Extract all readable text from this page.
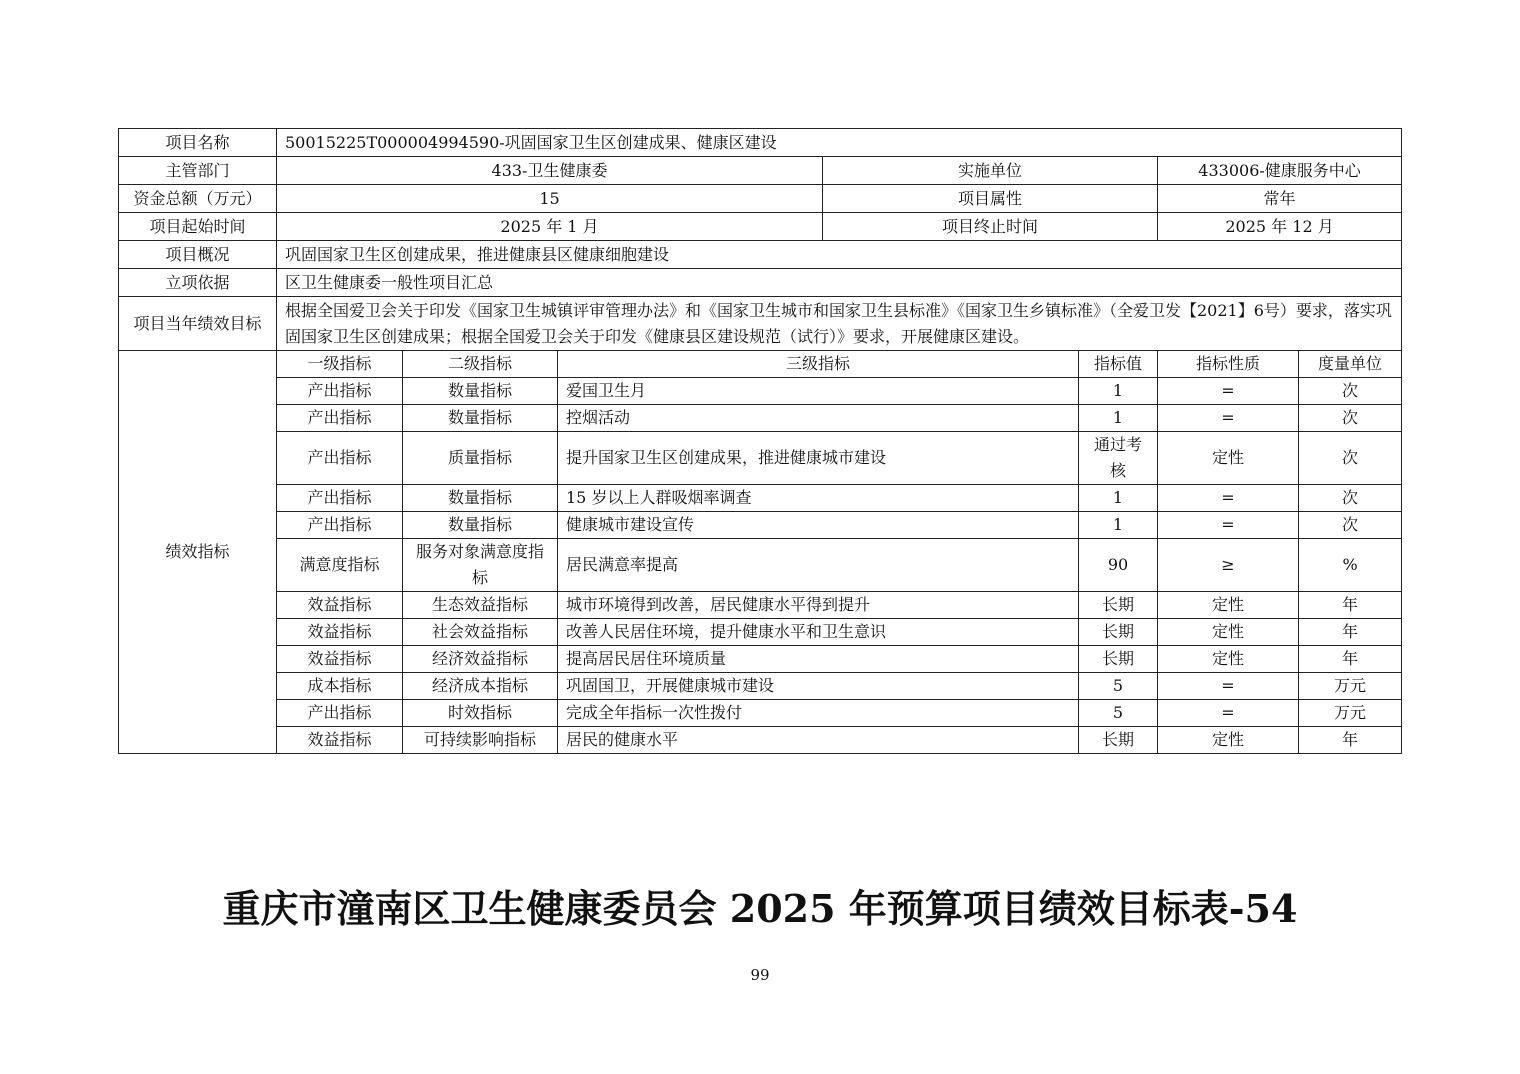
项目名称	50015225T000004994590-巩固国家卫生区创建成果、健康区建设						
主管部门	433-卫生健康委			实施单位		433006-健康服务中心	
资金总额（万元）	15			项目属性		常年	
项目起始时间	2025 年 1 月			项目终止时间		2025 年 12 月	
项目概况	巩固国家卫生区创建成果，推进健康县区健康细胞建设						
立项依据	区卫生健康委一般性项目汇总						
项目当年绩效目标	根据全国爱卫会关于印发《国家卫生城镇评审管理办法》和《国家卫生城市和国家卫生县标准》《国家卫生乡镇标准》（全爱卫发【2021】6号）要求，落实巩固国家卫生区创建成果；根据全国爱卫会关于印发《健康县区建设规范（试行）》要求，开展健康区建设。						
绩效指标	一级指标	二级指标	三级指标		指标值	指标性质	度量单位
	产出指标	数量指标	爱国卫生月		1	=	次
	产出指标	数量指标	控烟活动		1	=	次
	产出指标	质量指标	提升国家卫生区创建成果，推进健康城市建设		通过考核	定性	次
	产出指标	数量指标	15 岁以上人群吸烟率调查		1	=	次
	产出指标	数量指标	健康城市建设宣传		1	=	次
	满意度指标	服务对象满意度指标	居民满意率提高		90	≥	%
	效益指标	生态效益指标	城市环境得到改善，居民健康水平得到提升		长期	定性	年
	效益指标	社会效益指标	改善人民居住环境，提升健康水平和卫生意识		长期	定性	年
	效益指标	经济效益指标	提高居民居住环境质量		长期	定性	年
	成本指标	经济成本指标	巩固国卫，开展健康城市建设		5	=	万元
	产出指标	时效指标	完成全年指标一次性拨付		5	=	万元
	效益指标	可持续影响指标	居民的健康水平		长期	定性	年
重庆市潼南区卫生健康委员会 2025 年预算项目绩效目标表-54
99
